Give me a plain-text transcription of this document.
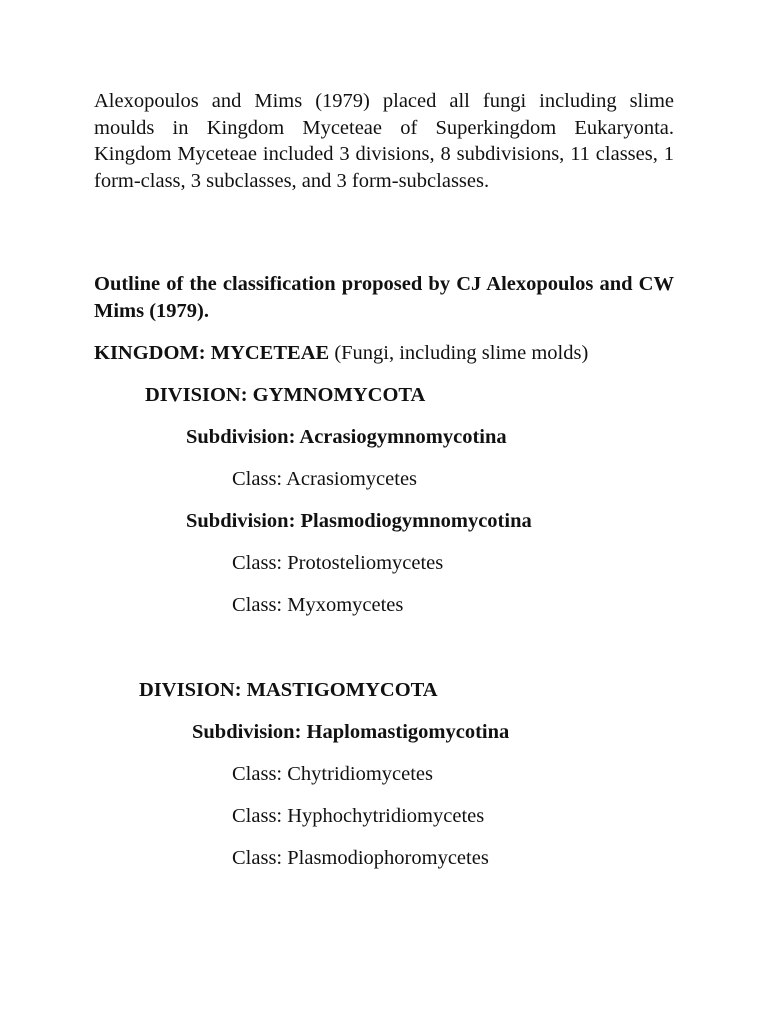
Alexopoulos and Mims (1979) placed all fungi including slime moulds in Kingdom Myceteae of Superkingdom Eukaryonta. Kingdom Myceteae included 3 divisions, 8 subdivisions, 11 classes, 1 form-class, 3 subclasses, and 3 form-subclasses.

Outline of the classification proposed by CJ Alexopoulos and CW Mims (1979).

KINGDOM: MYCETEAE (Fungi, including slime molds)

DIVISION: GYMNOMYCOTA

Subdivision: Acrasiogymnomycotina

Class: Acrasiomycetes

Subdivision: Plasmodiogymnomycotina

Class: Protosteliomycetes

Class: Myxomycetes

DIVISION: MASTIGOMYCOTA

Subdivision: Haplomastigomycotina

Class: Chytridiomycetes

Class: Hyphochytridiomycetes

Class: Plasmodiophoromycetes
